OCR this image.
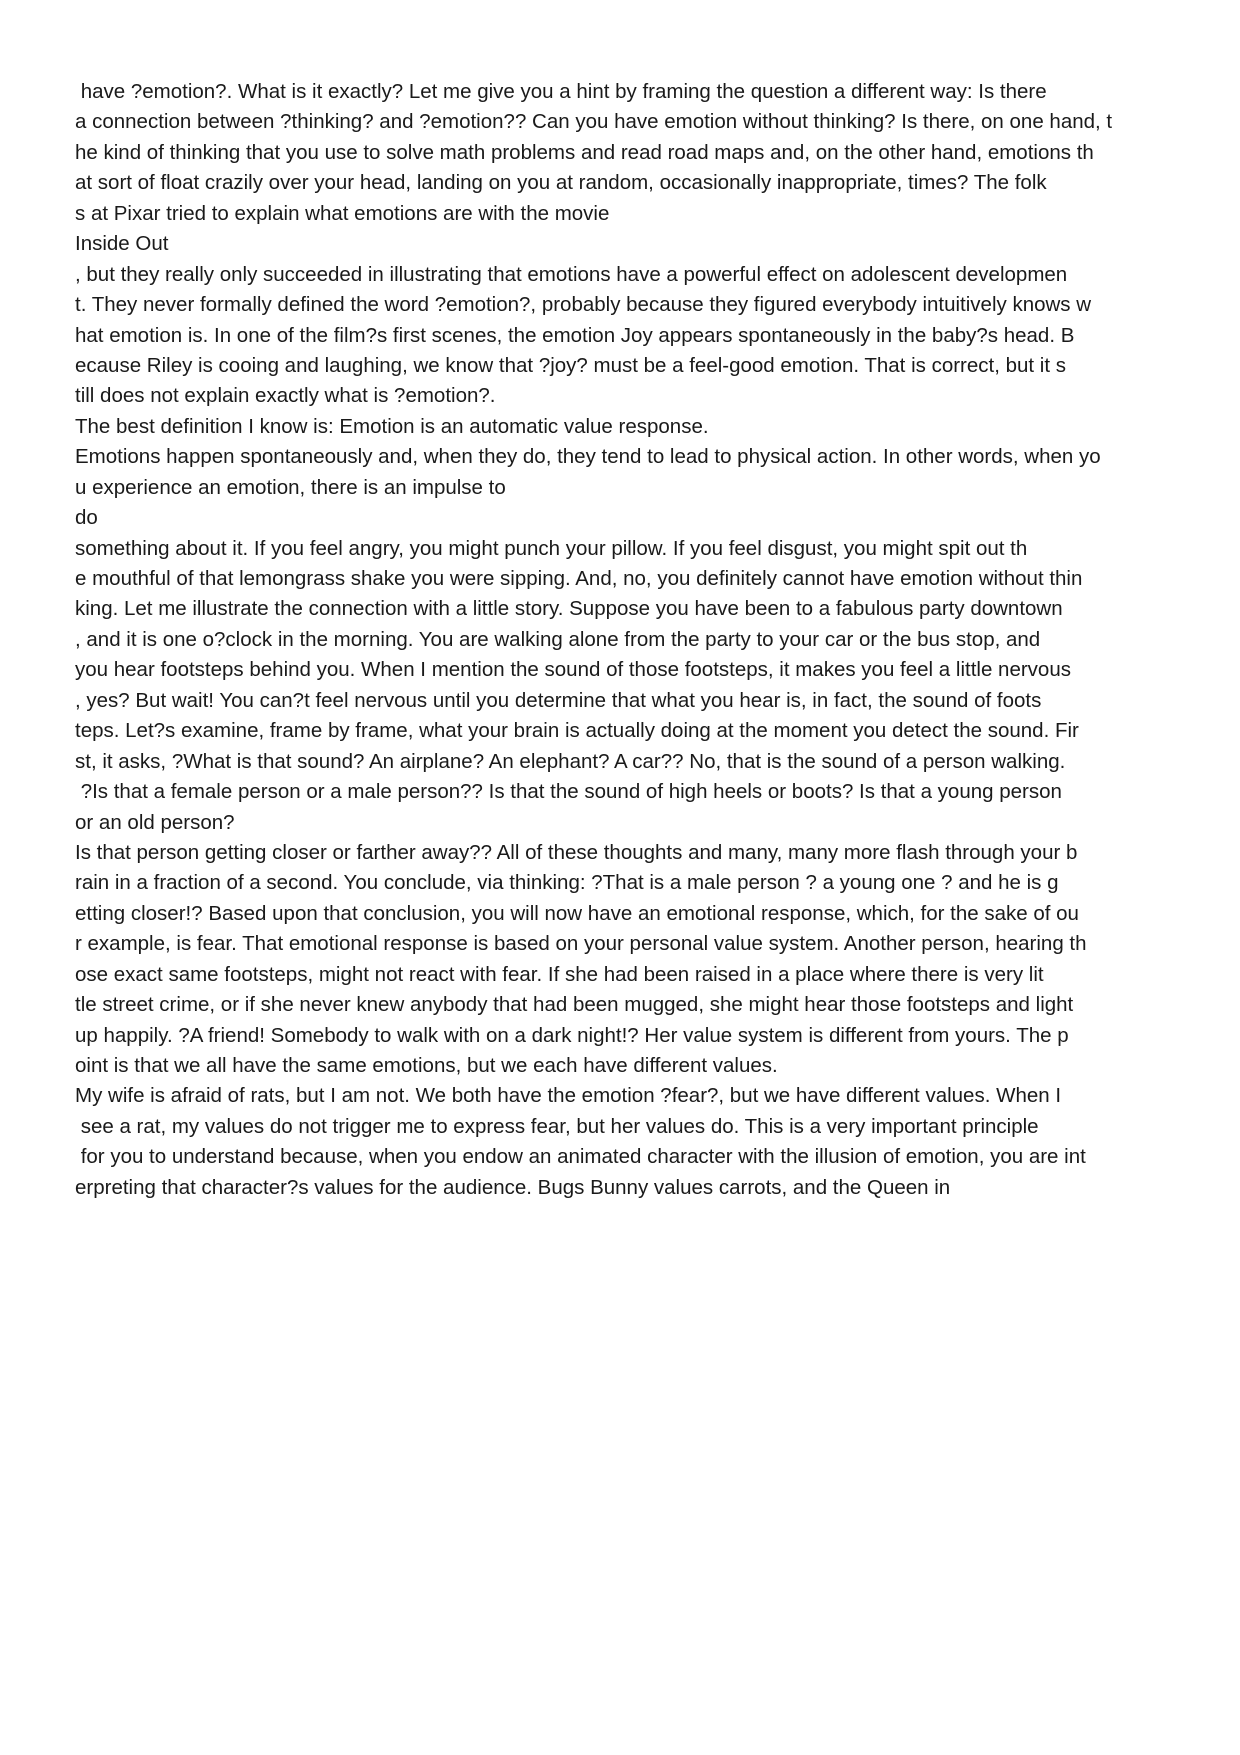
have ?emotion?. What is it exactly? Let me give you a hint by framing the question a different way: Is there
a connection between ?thinking? and ?emotion?? Can you have emotion without thinking? Is there, on one hand, t
he kind of thinking that you use to solve math problems and read road maps and, on the other hand, emotions th
at sort of float crazily over your head, landing on you at random, occasionally inappropriate, times? The folk
s at Pixar tried to explain what emotions are with the movie
Inside Out
, but they really only succeeded in illustrating that emotions have a powerful effect on adolescent developmen
t. They never formally defined the word ?emotion?, probably because they figured everybody intuitively knows w
hat emotion is. In one of the film?s first scenes, the emotion Joy appears spontaneously in the baby?s head. B
ecause Riley is cooing and laughing, we know that ?joy? must be a feel-good emotion. That is correct, but it s
till does not explain exactly what is ?emotion?.
The best definition I know is: Emotion is an automatic value response.
Emotions happen spontaneously and, when they do, they tend to lead to physical action. In other words, when yo
u experience an emotion, there is an impulse to
do
something about it. If you feel angry, you might punch your pillow. If you feel disgust, you might spit out th
e mouthful of that lemongrass shake you were sipping. And, no, you definitely cannot have emotion without thin
king. Let me illustrate the connection with a little story. Suppose you have been to a fabulous party downtown
, and it is one o?clock in the morning. You are walking alone from the party to your car or the bus stop, and
you hear footsteps behind you. When I mention the sound of those footsteps, it makes you feel a little nervous
, yes? But wait! You can?t feel nervous until you determine that what you hear is, in fact, the sound of foots
teps. Let?s examine, frame by frame, what your brain is actually doing at the moment you detect the sound. Fir
st, it asks, ?What is that sound? An airplane? An elephant? A car?? No, that is the sound of a person walking.
?Is that a female person or a male person?? Is that the sound of high heels or boots? Is that a young person
or an old person?
Is that person getting closer or farther away?? All of these thoughts and many, many more flash through your b
rain in a fraction of a second. You conclude, via thinking: ?That is a male person ? a young one ? and he is g
etting closer!? Based upon that conclusion, you will now have an emotional response, which, for the sake of ou
r example, is fear. That emotional response is based on your personal value system. Another person, hearing th
ose exact same footsteps, might not react with fear. If she had been raised in a place where there is very lit
tle street crime, or if she never knew anybody that had been mugged, she might hear those footsteps and light
up happily. ?A friend! Somebody to walk with on a dark night!? Her value system is different from yours. The p
oint is that we all have the same emotions, but we each have different values.
My wife is afraid of rats, but I am not. We both have the emotion ?fear?, but we have different values. When I
see a rat, my values do not trigger me to express fear, but her values do. This is a very important principle
for you to understand because, when you endow an animated character with the illusion of emotion, you are int
erpreting that character?s values for the audience. Bugs Bunny values carrots, and the Queen in
